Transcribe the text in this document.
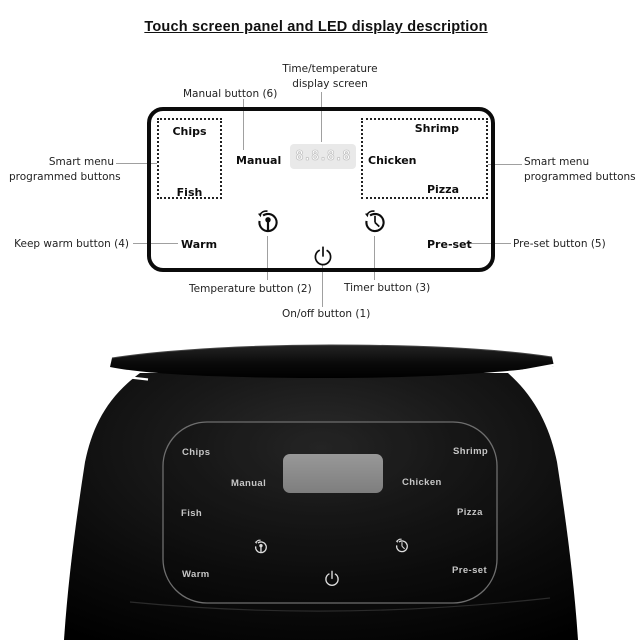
Touch screen panel and LED display description
Chips
Fish
Manual
Shrimp
Chicken
Pizza
Warm	Pre-set
8.8.8.8
Manual button (6)
Time/temperature
display screen
Smart menu
programmed buttons
Smart menu
programmed buttons
Keep warm button (4)	Pre-set button (5)
Temperature button (2)	Timer button (3)
On/off button (1)
Chips	Shrimp
Manual	Chicken
Fish	Pizza
Warm	Pre-set
